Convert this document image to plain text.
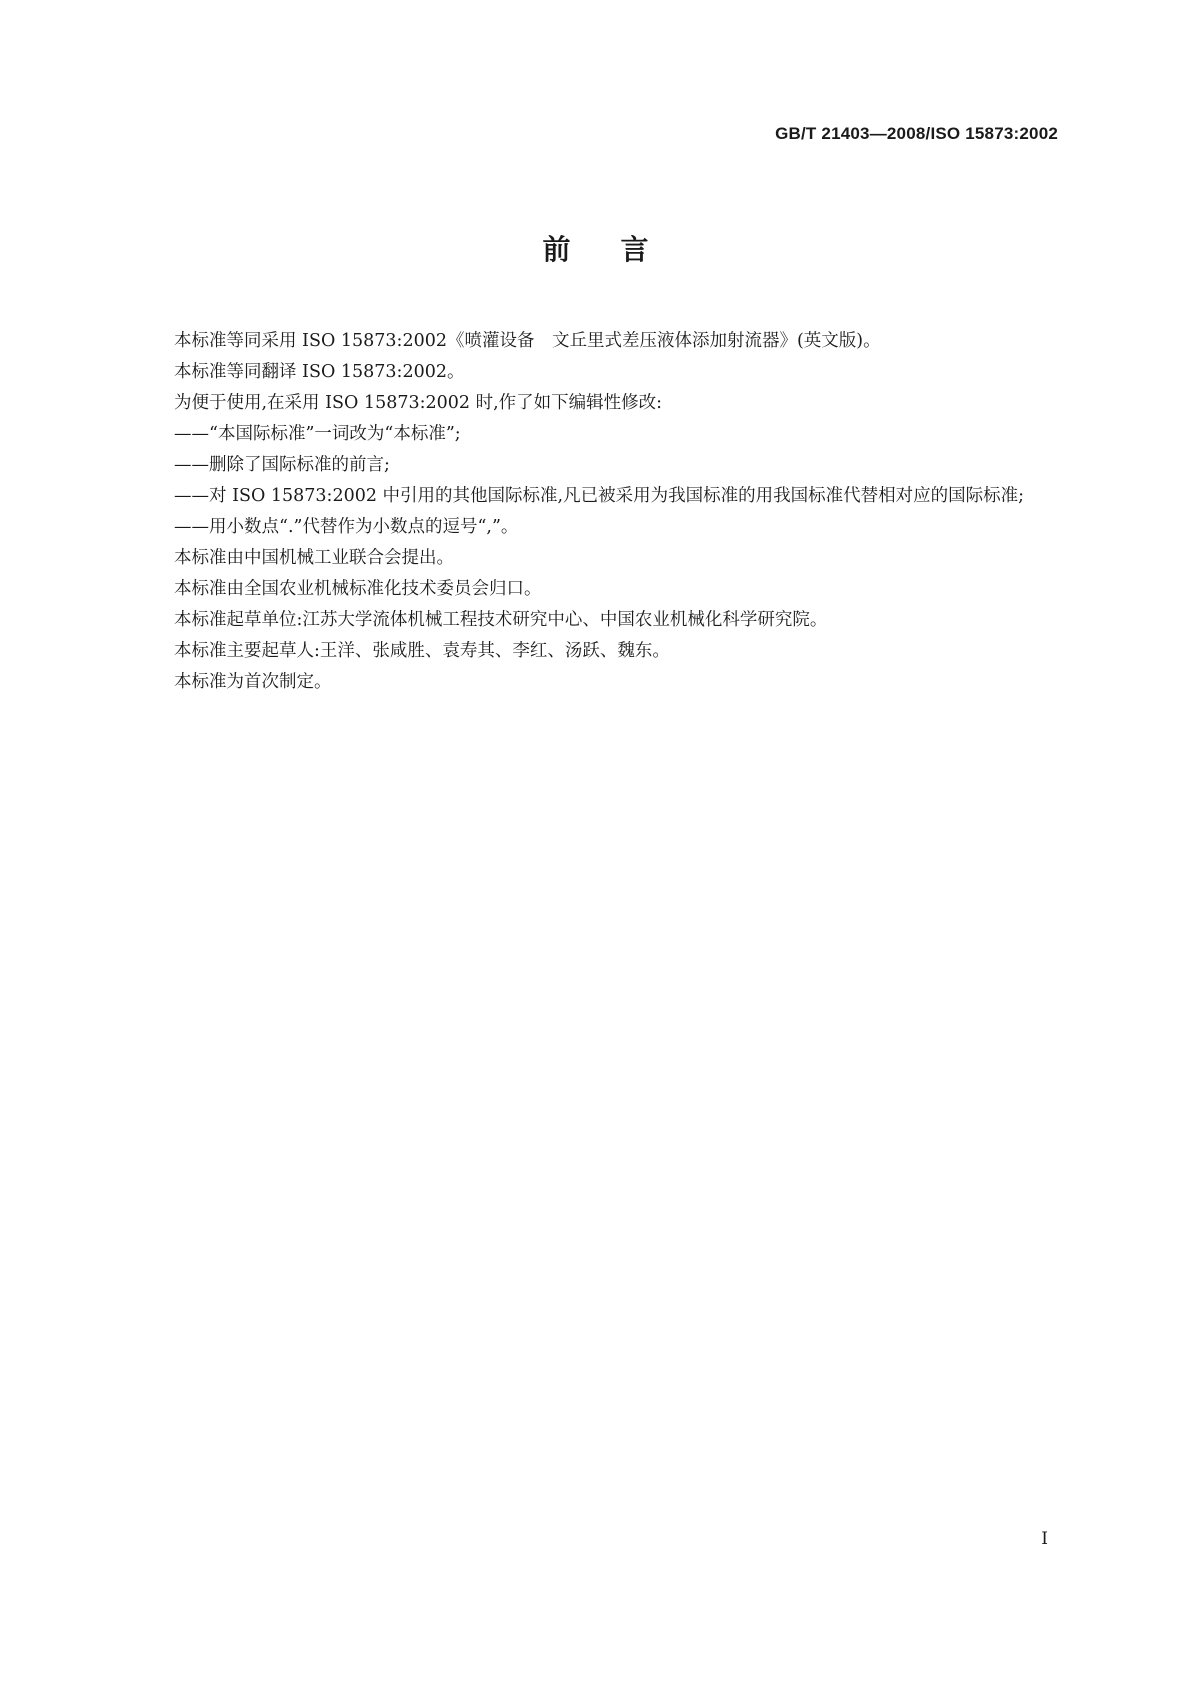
GB/T 21403—2008/ISO 15873:2002
前言

本标准等同采用 ISO 15873:2002《喷灌设备　文丘里式差压液体添加射流器》(英文版)。

本标准等同翻译 ISO 15873:2002。

为便于使用,在采用 ISO 15873:2002 时,作了如下编辑性修改:

——“本国际标准”一词改为“本标准”;

——删除了国际标准的前言;

——对 ISO 15873:2002 中引用的其他国际标准,凡已被采用为我国标准的用我国标准代替相对应的国际标准;

——用小数点“.”代替作为小数点的逗号“,”。

本标准由中国机械工业联合会提出。

本标准由全国农业机械标准化技术委员会归口。

本标准起草单位:江苏大学流体机械工程技术研究中心、中国农业机械化科学研究院。

本标准主要起草人:王洋、张咸胜、袁寿其、李红、汤跃、魏东。

本标准为首次制定。

I
